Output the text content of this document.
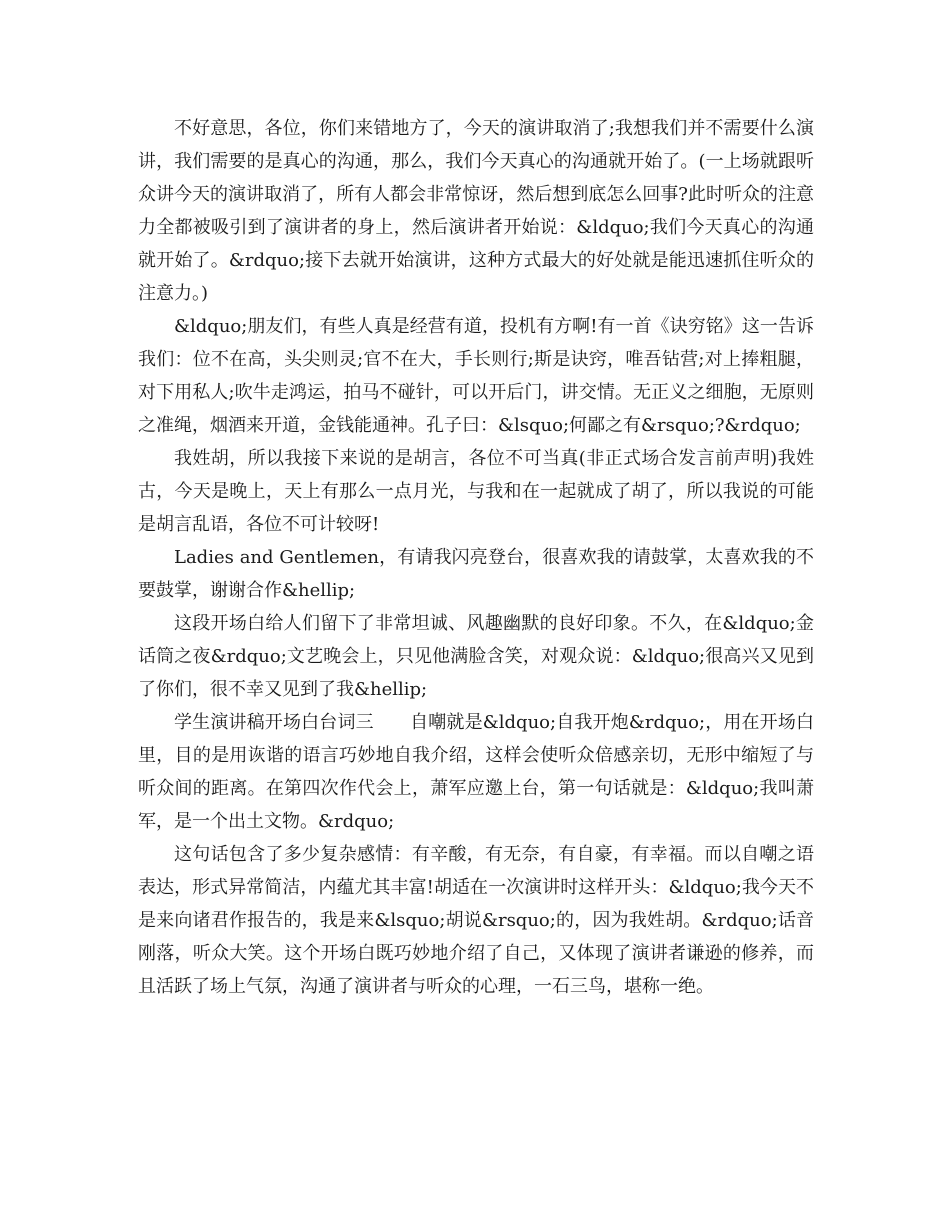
不好意思，各位，你们来错地方了，今天的演讲取消了;我想我们并不需要什么演讲，我们需要的是真心的沟通，那么，我们今天真心的沟通就开始了。(一上场就跟听众讲今天的演讲取消了，所有人都会非常惊讶，然后想到底怎么回事?此时听众的注意力全都被吸引到了演讲者的身上，然后演讲者开始说：&ldquo;我们今天真心的沟通就开始了。&rdquo;接下去就开始演讲，这种方式最大的好处就是能迅速抓住听众的注意力。)

&ldquo;朋友们，有些人真是经营有道，投机有方啊!有一首《诀穷铭》这一告诉我们：位不在高，头尖则灵;官不在大，手长则行;斯是诀窍，唯吾钻营;对上捧粗腿，对下用私人;吹牛走鸿运，拍马不碰针，可以开后门，讲交情。无正义之细胞，无原则之准绳，烟酒来开道，金钱能通神。孔子曰：&lsquo;何鄙之有&rsquo;?&rdquo;

我姓胡，所以我接下来说的是胡言，各位不可当真(非正式场合发言前声明)我姓古，今天是晚上，天上有那么一点月光，与我和在一起就成了胡了，所以我说的可能是胡言乱语，各位不可计较呀!

Ladies and Gentlemen，有请我闪亮登台，很喜欢我的请鼓掌，太喜欢我的不要鼓掌，谢谢合作&hellip;

这段开场白给人们留下了非常坦诚、风趣幽默的良好印象。不久，在&ldquo;金话筒之夜&rdquo;文艺晚会上，只见他满脸含笑，对观众说：&ldquo;很高兴又见到了你们，很不幸又见到了我&hellip;

学生演讲稿开场白台词三　　自嘲就是&ldquo;自我开炮&rdquo;，用在开场白里，目的是用诙谐的语言巧妙地自我介绍，这样会使听众倍感亲切，无形中缩短了与听众间的距离。在第四次作代会上，萧军应邀上台，第一句话就是：&ldquo;我叫萧军，是一个出土文物。&rdquo;

这句话包含了多少复杂感情：有辛酸，有无奈，有自豪，有幸福。而以自嘲之语表达，形式异常简洁，内蕴尤其丰富!胡适在一次演讲时这样开头：&ldquo;我今天不是来向诸君作报告的，我是来&lsquo;胡说&rsquo;的，因为我姓胡。&rdquo;话音刚落，听众大笑。这个开场白既巧妙地介绍了自己，又体现了演讲者谦逊的修养，而且活跃了场上气氛，沟通了演讲者与听众的心理，一石三鸟，堪称一绝。
